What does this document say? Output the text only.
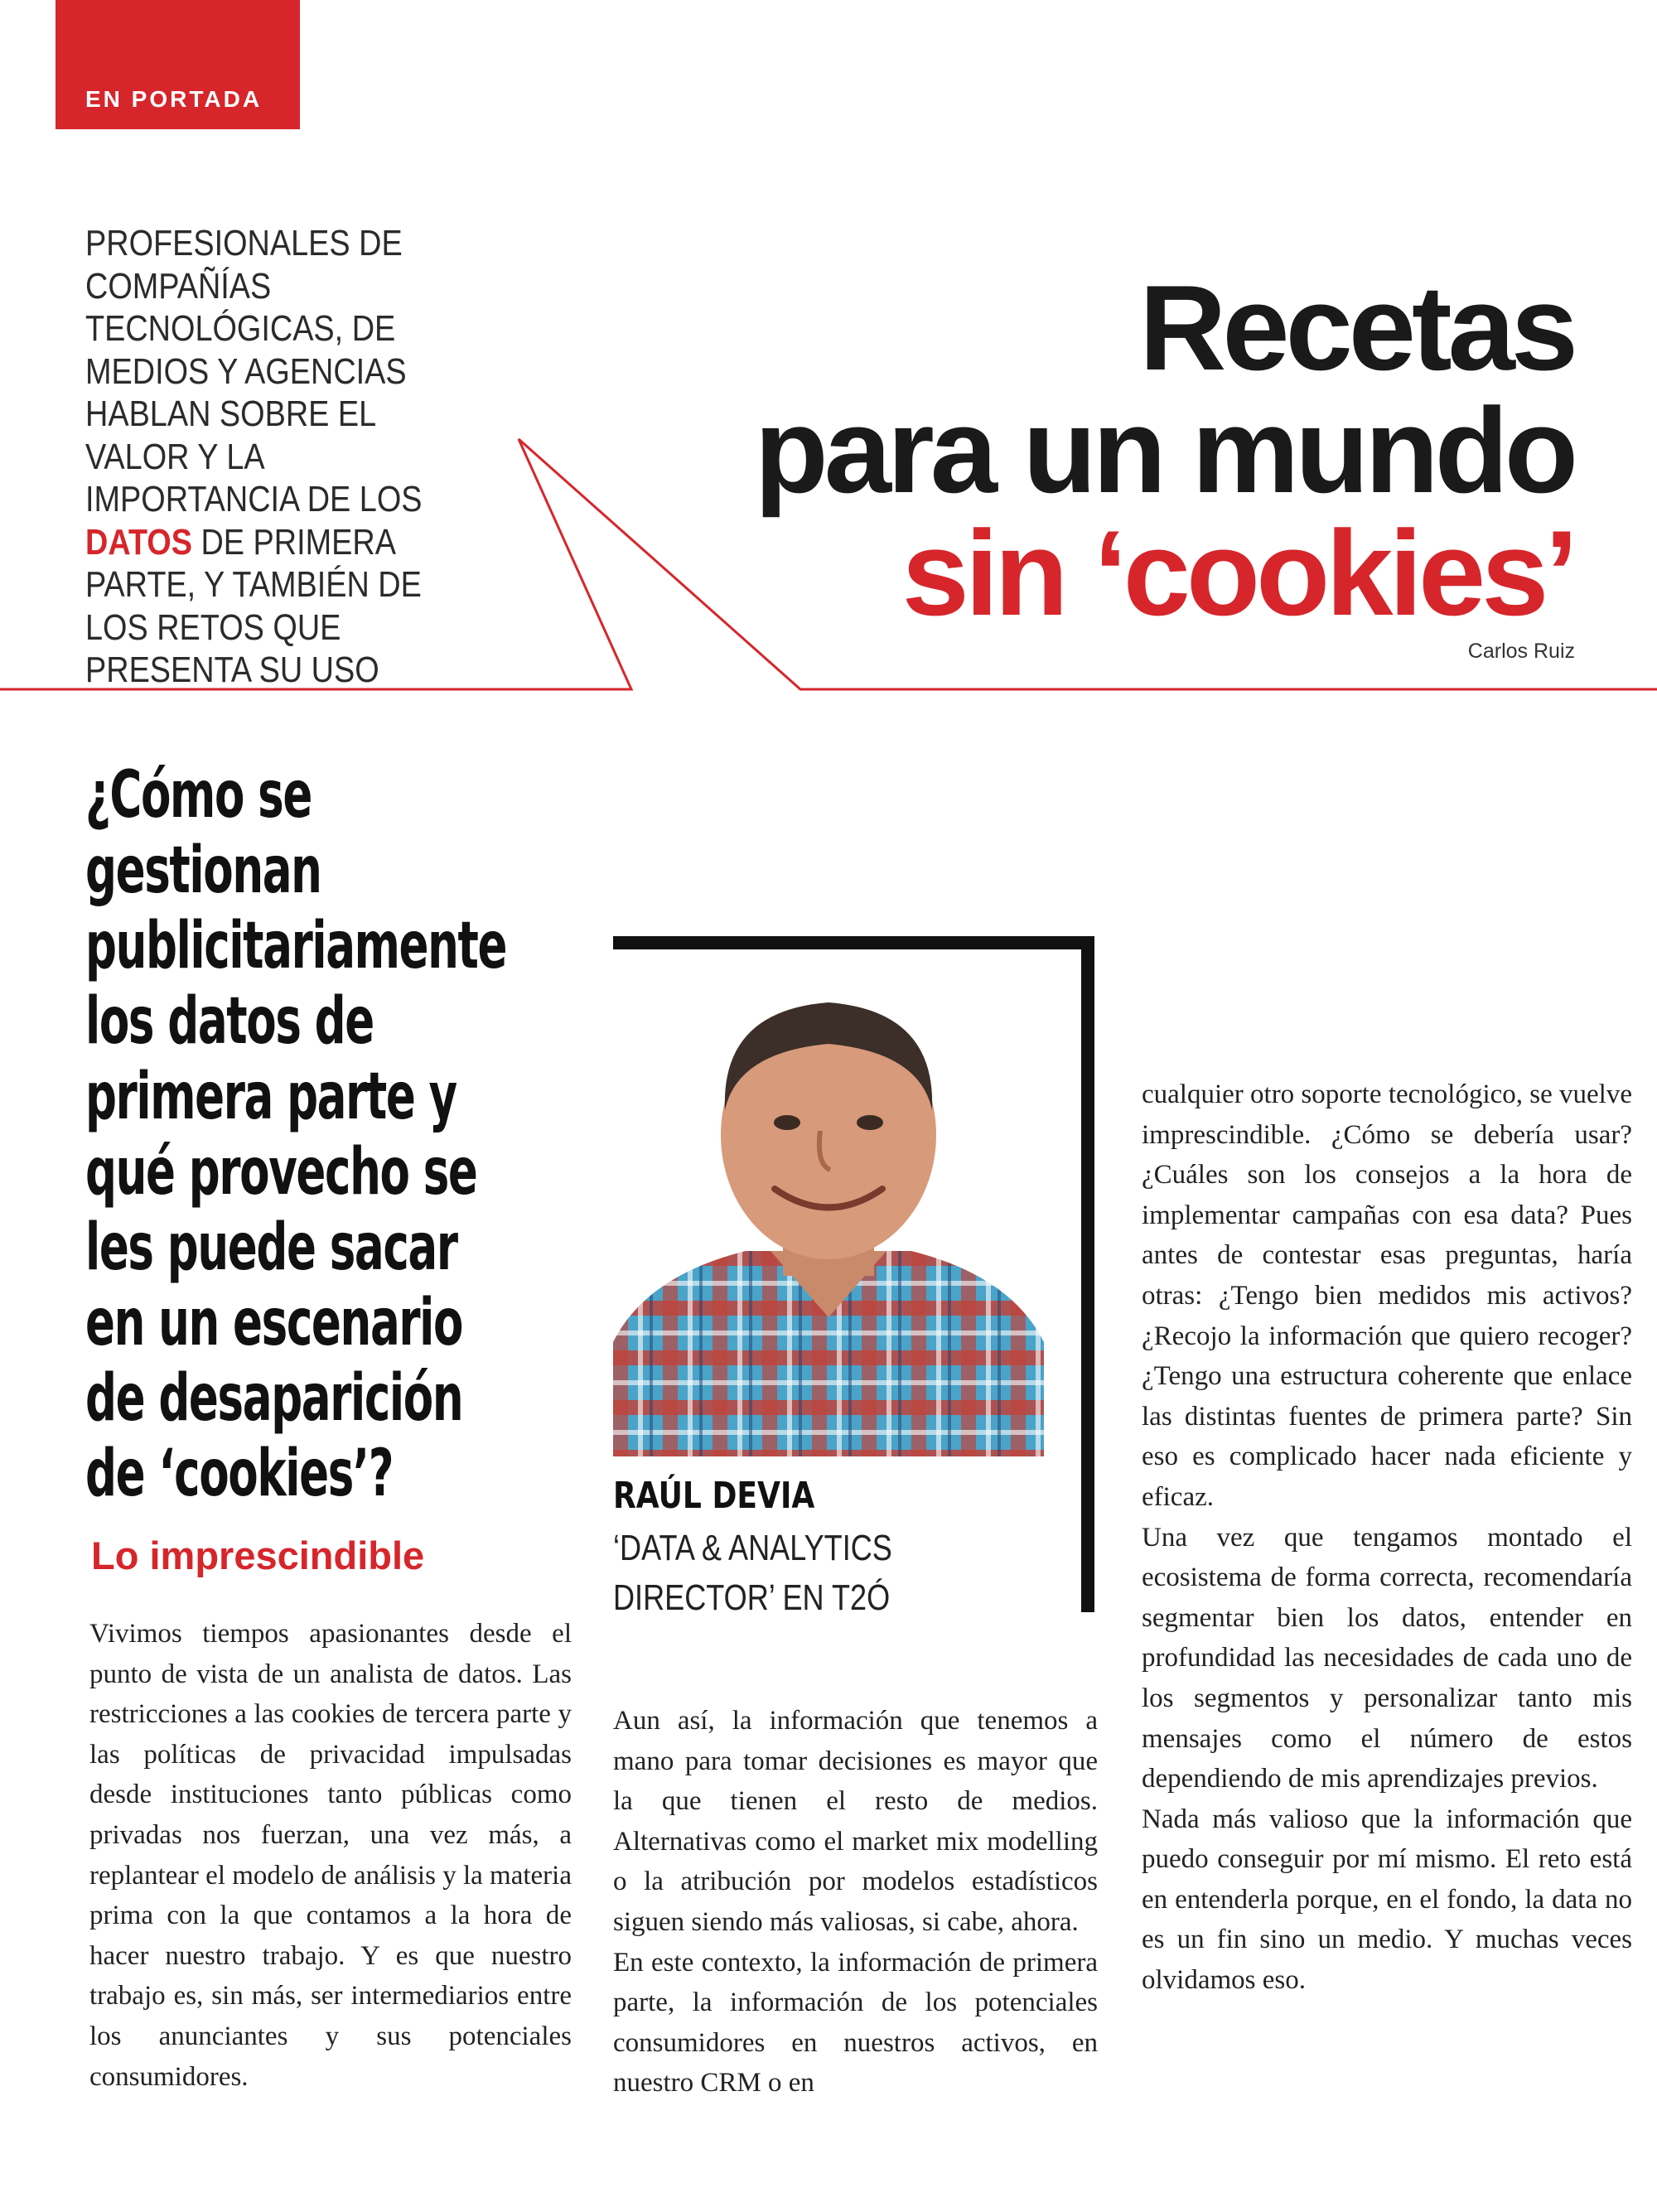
EN PORTADA
PROFESIONALES DE COMPAÑÍAS TECNOLÓGICAS, DE MEDIOS Y AGENCIAS HABLAN SOBRE EL VALOR Y LA IMPORTANCIA DE LOS DATOS DE PRIMERA PARTE, Y TAMBIÉN DE LOS RETOS QUE PRESENTA SU USO
Recetas
para un mundo
sin ‘cookies’
Carlos Ruiz
¿Cómo se gestionan publicitariamente los datos de primera parte y qué provecho se les puede sacar en un escenario de desaparición de ‘cookies’?
Lo imprescindible

Vivimos tiempos apasionantes desde el punto de vista de un analista de datos. Las restricciones a las cookies de tercera parte y las políticas de privacidad impulsadas desde instituciones tanto públicas como privadas nos fuerzan, una vez más, a replantear el modelo de análisis y la materia prima con la que contamos a la hora de hacer nuestro trabajo. Y es que nuestro trabajo es, sin más, ser intermediarios entre los anunciantes y sus potenciales consumidores.

RAÚL DEVIA
‘DATA & ANALYTICS DIRECTOR’ EN T2Ó

Aun así, la información que tenemos a mano para tomar decisiones es mayor que la que tienen el resto de medios. Alternativas como el market mix modelling o la atribución por modelos estadísticos siguen siendo más valiosas, si cabe, ahora.

En este contexto, la información de primera parte, la información de los potenciales consumidores en nuestros activos, en nuestro CRM o en

cualquier otro soporte tecnológico, se vuelve imprescindible. ¿Cómo se debería usar? ¿Cuáles son los consejos a la hora de implementar campañas con esa data? Pues antes de contestar esas preguntas, haría otras: ¿Tengo bien medidos mis activos? ¿Recojo la información que quiero recoger? ¿Tengo una estructura coherente que enlace las distintas fuentes de primera parte? Sin eso es complicado hacer nada eficiente y eficaz.

Una vez que tengamos montado el ecosistema de forma correcta, recomendaría segmentar bien los datos, entender en profundidad las necesidades de cada uno de los segmentos y personalizar tanto mis mensajes como el número de estos dependiendo de mis aprendizajes previos.

Nada más valioso que la información que puedo conseguir por mí mismo. El reto está en entenderla porque, en el fondo, la data no es un fin sino un medio. Y muchas veces olvidamos eso.
